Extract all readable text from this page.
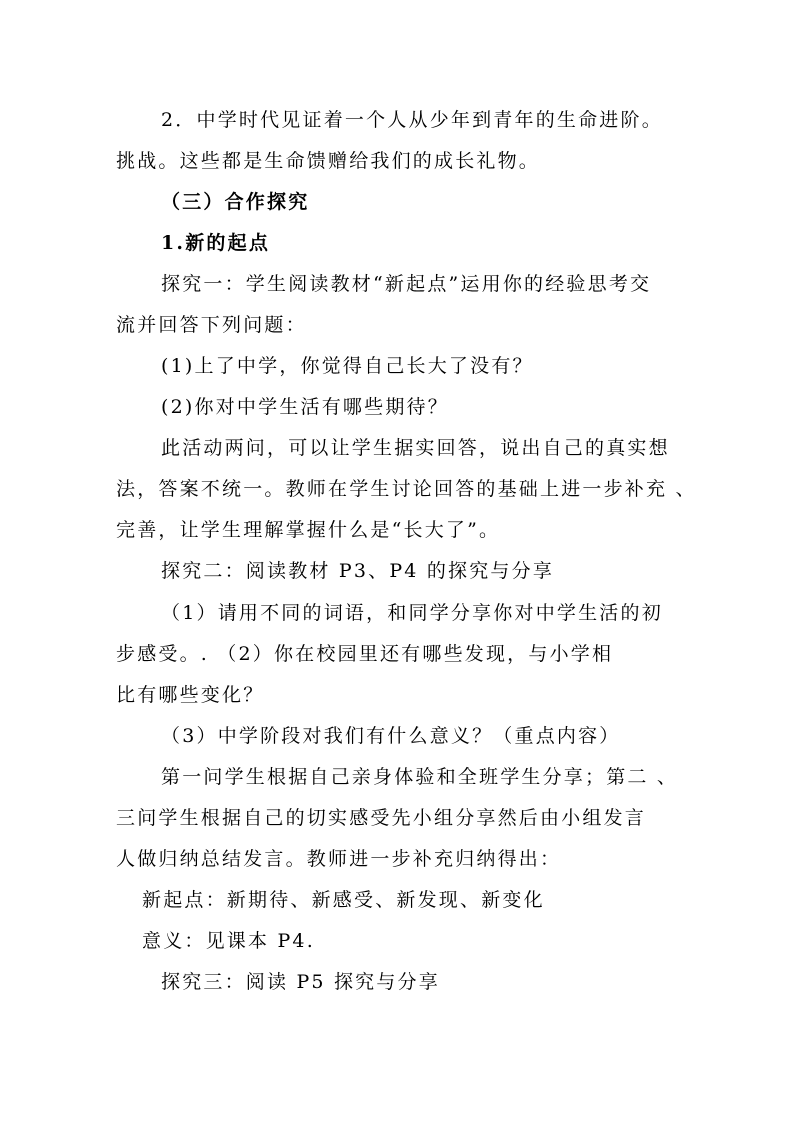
2．中学时代见证着一个人从少年到青年的生命进阶。
挑战。这些都是生命馈赠给我们的成长礼物。
（三）合作探究
1.新的起点
探究一：学生阅读教材“新起点”运用你的经验思考交
流并回答下列问题：
(1)上了中学，你觉得自己长大了没有？
(2)你对中学生活有哪些期待？
此活动两问，可以让学生据实回答，说出自己的真实想
法，答案不统一。教师在学生讨论回答的基础上进一步补充 、
完善，让学生理解掌握什么是“长大了”。
探究二：阅读教材 P3、P4 的探究与分享
（1）请用不同的词语，和同学分享你对中学生活的初
步感受。. （2）你在校园里还有哪些发现，与小学相
比有哪些变化？
（3）中学阶段对我们有什么意义？（重点内容）
第一问学生根据自己亲身体验和全班学生分享；第二 、
三问学生根据自己的切实感受先小组分享然后由小组发言
人做归纳总结发言。教师进一步补充归纳得出：
新起点：新期待、新感受、新发现、新变化
意义：见课本 P4.
探究三：阅读 P5 探究与分享
